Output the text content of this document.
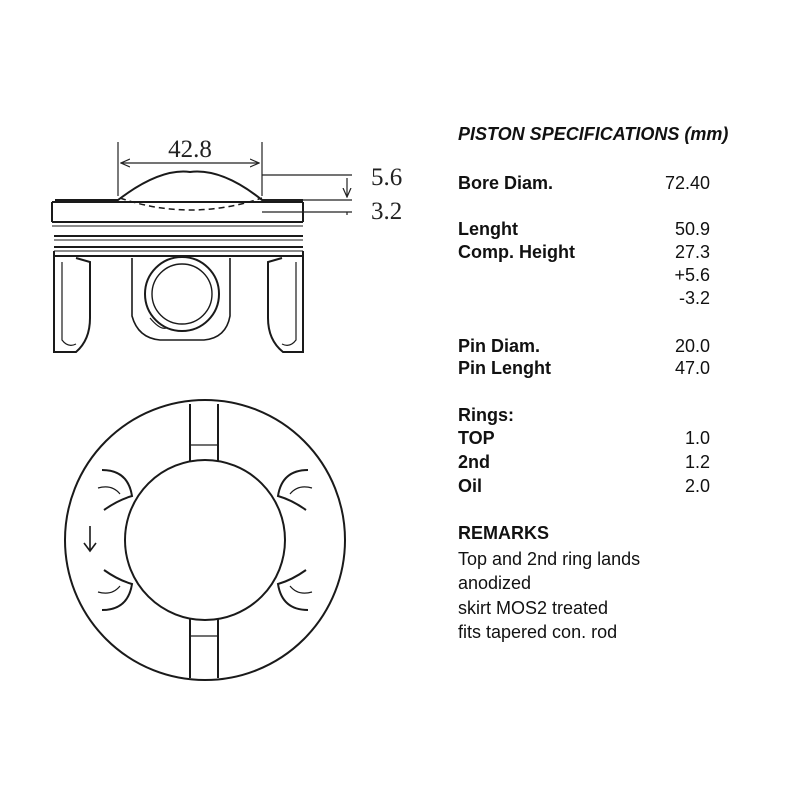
42.8
5.6
3.2
PISTON SPECIFICATIONS (mm)
Bore Diam.	72.40
Lenght	50.9
Comp. Height	27.3
+5.6
-3.2
Pin Diam.	20.0
Pin Lenght	47.0
Rings:
TOP	1.0
2nd	1.2
Oil	2.0
REMARKS
Top and 2nd ring lands
anodized
skirt MOS2 treated
fits tapered con. rod
